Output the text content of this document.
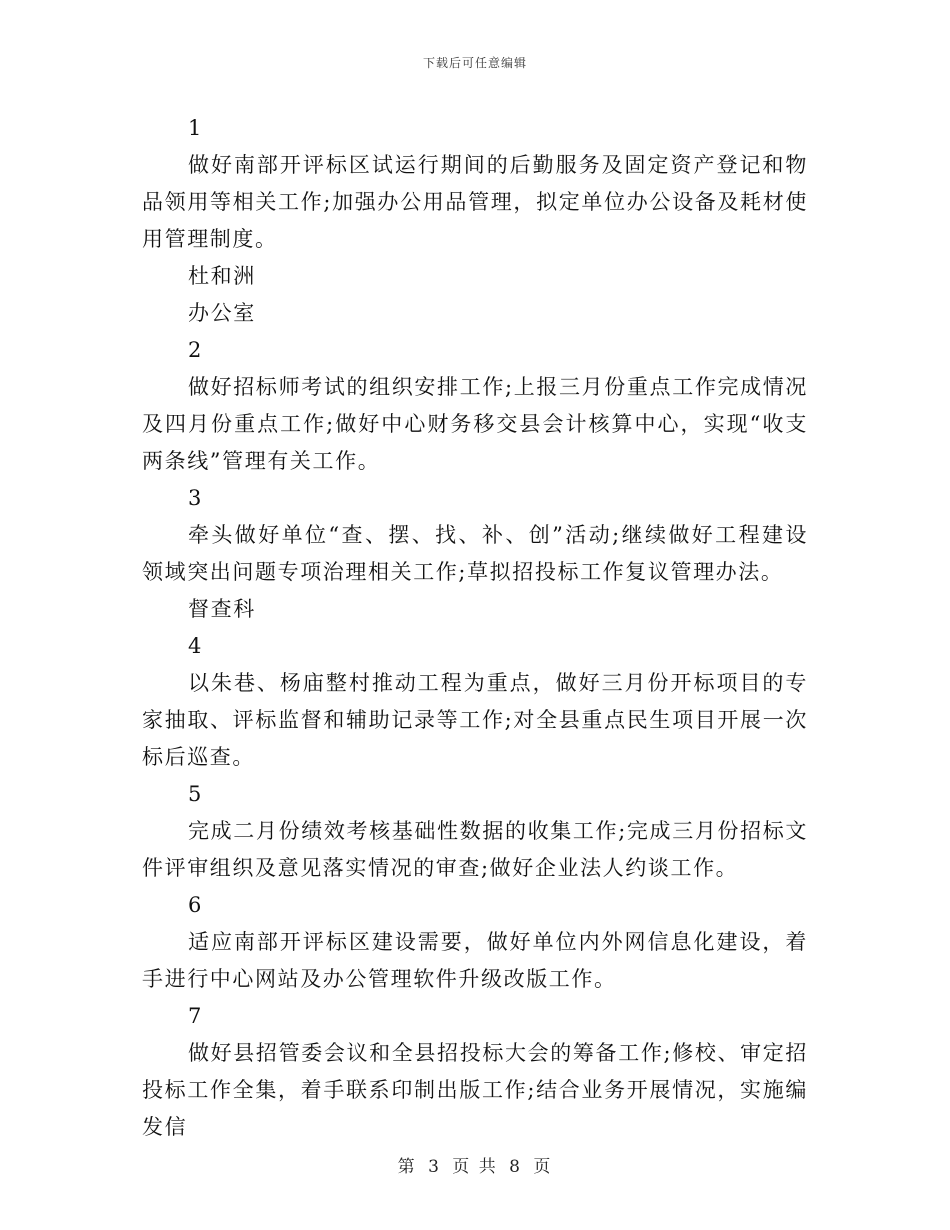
下载后可任意编辑

1

做好南部开评标区试运行期间的后勤服务及固定资产登记和物品领用等相关工作;加强办公用品管理，拟定单位办公设备及耗材使用管理制度。

杜和洲

办公室

2

做好招标师考试的组织安排工作;上报三月份重点工作完成情况及四月份重点工作;做好中心财务移交县会计核算中心，实现“收支两条线”管理有关工作。

3

牵头做好单位“查、摆、找、补、创”活动;继续做好工程建设领域突出问题专项治理相关工作;草拟招投标工作复议管理办法。

督查科

4

以朱巷、杨庙整村推动工程为重点，做好三月份开标项目的专家抽取、评标监督和辅助记录等工作;对全县重点民生项目开展一次标后巡查。

5

完成二月份绩效考核基础性数据的收集工作;完成三月份招标文件评审组织及意见落实情况的审查;做好企业法人约谈工作。

6

适应南部开评标区建设需要，做好单位内外网信息化建设，着手进行中心网站及办公管理软件升级改版工作。

7

做好县招管委会议和全县招投标大会的筹备工作;修校、审定招投标工作全集，着手联系印制出版工作;结合业务开展情况，实施编发信

第 3 页 共 8 页
